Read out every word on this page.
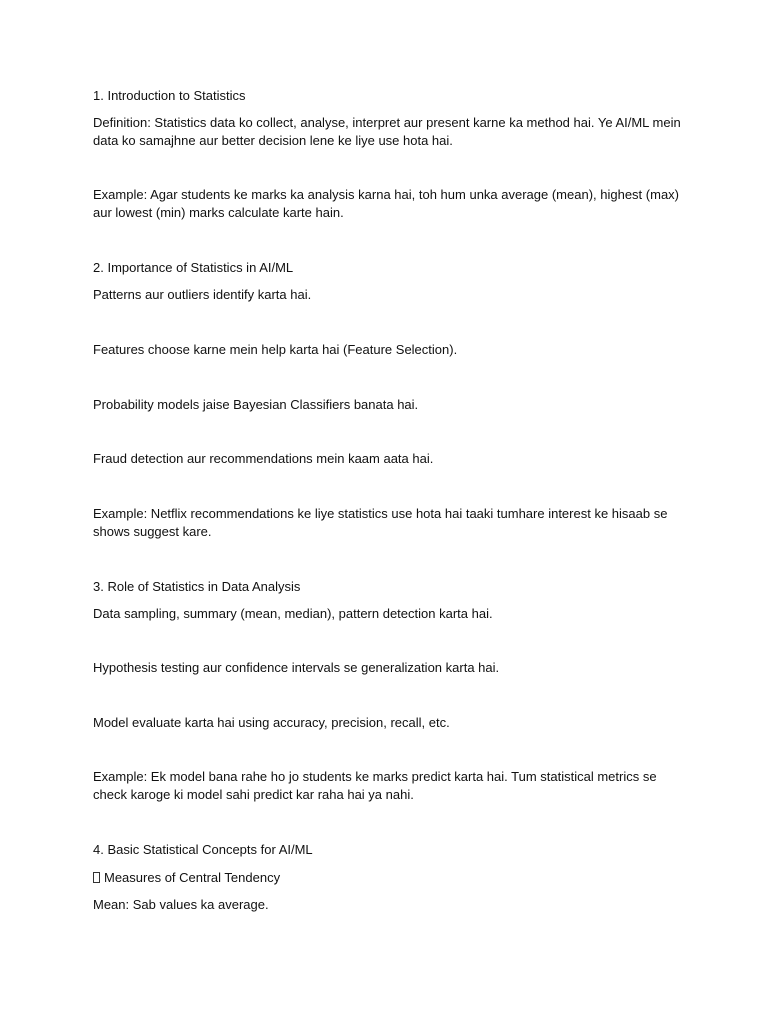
1. Introduction to Statistics
Definition: Statistics data ko collect, analyse, interpret aur present karne ka method hai. Ye AI/ML mein data ko samajhne aur better decision lene ke liye use hota hai.
Example: Agar students ke marks ka analysis karna hai, toh hum unka average (mean), highest (max) aur lowest (min) marks calculate karte hain.
2. Importance of Statistics in AI/ML
Patterns aur outliers identify karta hai.
Features choose karne mein help karta hai (Feature Selection).
Probability models jaise Bayesian Classifiers banata hai.
Fraud detection aur recommendations mein kaam aata hai.
Example: Netflix recommendations ke liye statistics use hota hai taaki tumhare interest ke hisaab se shows suggest kare.
3. Role of Statistics in Data Analysis
Data sampling, summary (mean, median), pattern detection karta hai.
Hypothesis testing aur confidence intervals se generalization karta hai.
Model evaluate karta hai using accuracy, precision, recall, etc.
Example: Ek model bana rahe ho jo students ke marks predict karta hai. Tum statistical metrics se check karoge ki model sahi predict kar raha hai ya nahi.
4. Basic Statistical Concepts for AI/ML
Measures of Central Tendency
Mean: Sab values ka average.
